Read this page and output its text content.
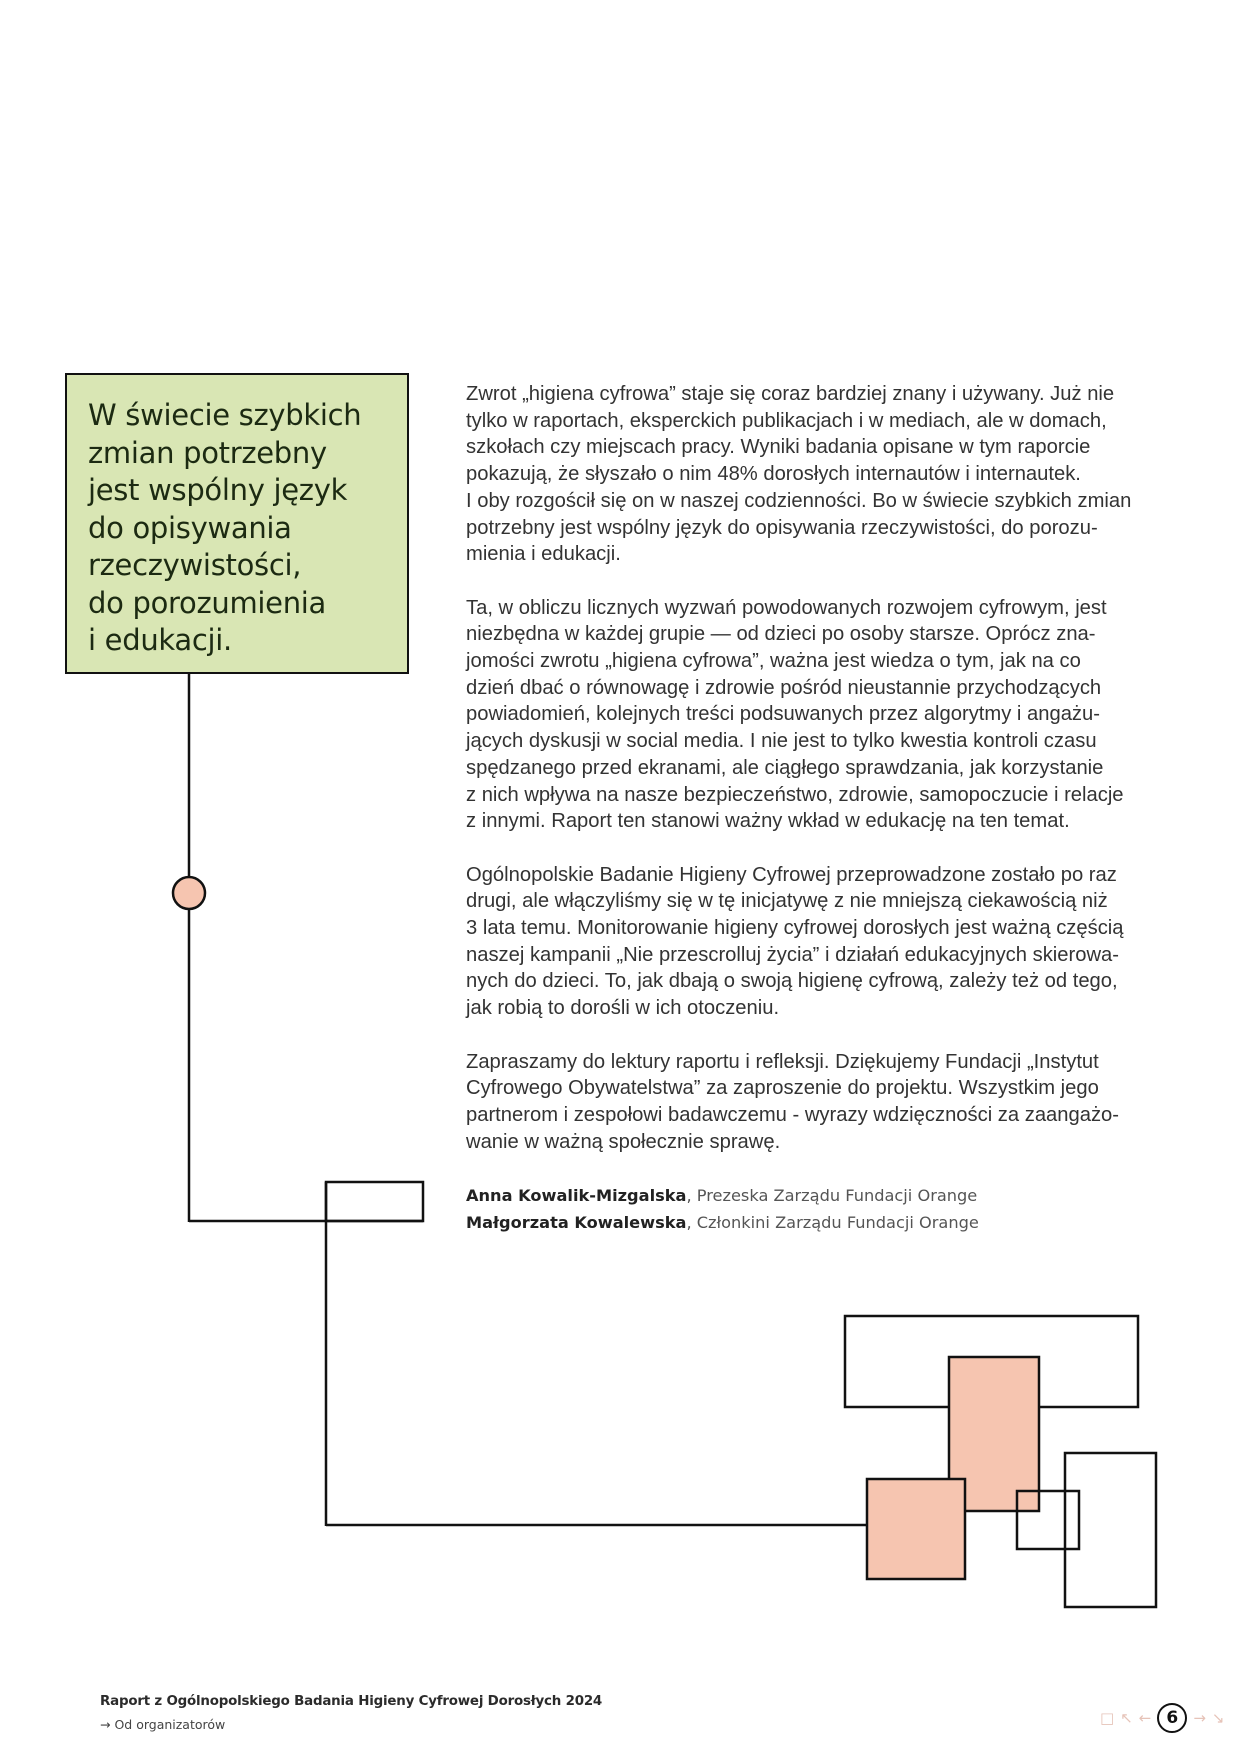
W świecie szybkich
zmian potrzebny
jest wspólny język
do opisywania
rzeczywistości,
do porozumienia
i edukacji.

Zwrot „higiena cyfrowa” staje się coraz bardziej znany i używany. Już nie
tylko w raportach, eksperckich publikacjach i w mediach, ale w domach,
szkołach czy miejscach pracy. Wyniki badania opisane w tym raporcie
pokazują, że słyszało o nim 48% dorosłych internautów i internautek.
I oby rozgościł się on w naszej codzienności. Bo w świecie szybkich zmian
potrzebny jest wspólny język do opisywania rzeczywistości, do porozu-
mienia i edukacji.

Ta, w obliczu licznych wyzwań powodowanych rozwojem cyfrowym, jest
niezbędna w każdej grupie — od dzieci po osoby starsze. Oprócz zna-
jomości zwrotu „higiena cyfrowa”, ważna jest wiedza o tym, jak na co
dzień dbać o równowagę i zdrowie pośród nieustannie przychodzących
powiadomień, kolejnych treści podsuwanych przez algorytmy i angażu-
jących dyskusji w social media. I nie jest to tylko kwestia kontroli czasu
spędzanego przed ekranami, ale ciągłego sprawdzania, jak korzystanie
z nich wpływa na nasze bezpieczeństwo, zdrowie, samopoczucie i relacje
z innymi. Raport ten stanowi ważny wkład w edukację na ten temat.

Ogólnopolskie Badanie Higieny Cyfrowej przeprowadzone zostało po raz
drugi, ale włączyliśmy się w tę inicjatywę z nie mniejszą ciekawością niż
3 lata temu. Monitorowanie higieny cyfrowej dorosłych jest ważną częścią
naszej kampanii „Nie przescrolluj życia” i działań edukacyjnych skierowa-
nych do dzieci. To, jak dbają o swoją higienę cyfrową, zależy też od tego,
jak robią to dorośli w ich otoczeniu.

Zapraszamy do lektury raportu i refleksji. Dziękujemy Fundacji „Instytut
Cyfrowego Obywatelstwa” za zaproszenie do projektu. Wszystkim jego
partnerom i zespołowi badawczemu - wyrazy wdzięczności za zaangażo-
wanie w ważną społecznie sprawę.

Anna Kowalik-Mizgalska, Prezeska Zarządu Fundacji Orange
Małgorzata Kowalewska, Członkini Zarządu Fundacji Orange
Raport z Ogólnopolskiego Badania Higieny Cyfrowej Dorosłych 2024
→ Od organizatorów	□ ↖ ← 6	→ ↘
